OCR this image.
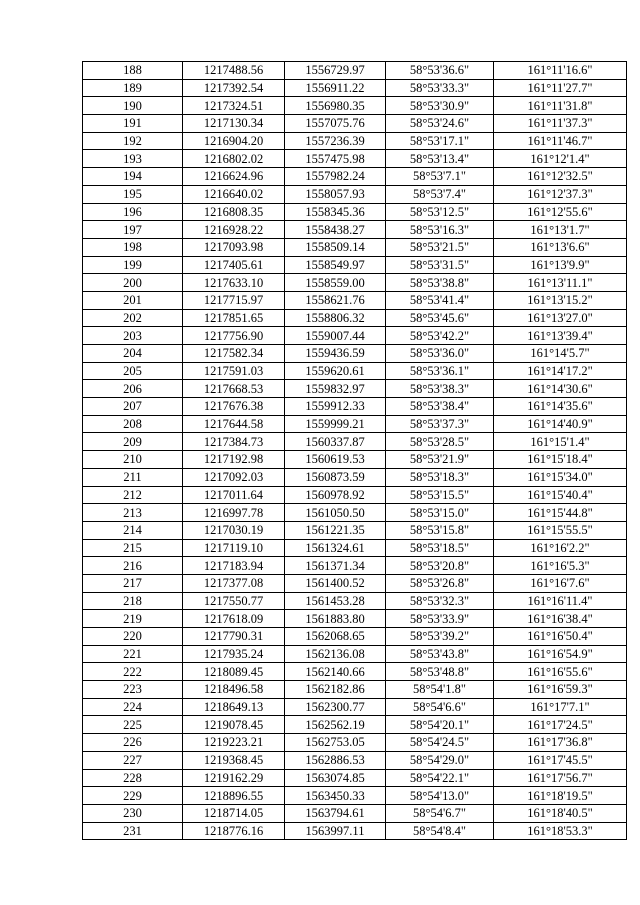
188	1217488.56	1556729.97	58°53'36.6"	161°11'16.6"
189	1217392.54	1556911.22	58°53'33.3"	161°11'27.7"
190	1217324.51	1556980.35	58°53'30.9"	161°11'31.8"
191	1217130.34	1557075.76	58°53'24.6"	161°11'37.3"
192	1216904.20	1557236.39	58°53'17.1"	161°11'46.7"
193	1216802.02	1557475.98	58°53'13.4"	161°12'1.4"
194	1216624.96	1557982.24	58°53'7.1"	161°12'32.5"
195	1216640.02	1558057.93	58°53'7.4"	161°12'37.3"
196	1216808.35	1558345.36	58°53'12.5"	161°12'55.6"
197	1216928.22	1558438.27	58°53'16.3"	161°13'1.7"
198	1217093.98	1558509.14	58°53'21.5"	161°13'6.6"
199	1217405.61	1558549.97	58°53'31.5"	161°13'9.9"
200	1217633.10	1558559.00	58°53'38.8"	161°13'11.1"
201	1217715.97	1558621.76	58°53'41.4"	161°13'15.2"
202	1217851.65	1558806.32	58°53'45.6"	161°13'27.0"
203	1217756.90	1559007.44	58°53'42.2"	161°13'39.4"
204	1217582.34	1559436.59	58°53'36.0"	161°14'5.7"
205	1217591.03	1559620.61	58°53'36.1"	161°14'17.2"
206	1217668.53	1559832.97	58°53'38.3"	161°14'30.6"
207	1217676.38	1559912.33	58°53'38.4"	161°14'35.6"
208	1217644.58	1559999.21	58°53'37.3"	161°14'40.9"
209	1217384.73	1560337.87	58°53'28.5"	161°15'1.4"
210	1217192.98	1560619.53	58°53'21.9"	161°15'18.4"
211	1217092.03	1560873.59	58°53'18.3"	161°15'34.0"
212	1217011.64	1560978.92	58°53'15.5"	161°15'40.4"
213	1216997.78	1561050.50	58°53'15.0"	161°15'44.8"
214	1217030.19	1561221.35	58°53'15.8"	161°15'55.5"
215	1217119.10	1561324.61	58°53'18.5"	161°16'2.2"
216	1217183.94	1561371.34	58°53'20.8"	161°16'5.3"
217	1217377.08	1561400.52	58°53'26.8"	161°16'7.6"
218	1217550.77	1561453.28	58°53'32.3"	161°16'11.4"
219	1217618.09	1561883.80	58°53'33.9"	161°16'38.4"
220	1217790.31	1562068.65	58°53'39.2"	161°16'50.4"
221	1217935.24	1562136.08	58°53'43.8"	161°16'54.9"
222	1218089.45	1562140.66	58°53'48.8"	161°16'55.6"
223	1218496.58	1562182.86	58°54'1.8"	161°16'59.3"
224	1218649.13	1562300.77	58°54'6.6"	161°17'7.1"
225	1219078.45	1562562.19	58°54'20.1"	161°17'24.5"
226	1219223.21	1562753.05	58°54'24.5"	161°17'36.8"
227	1219368.45	1562886.53	58°54'29.0"	161°17'45.5"
228	1219162.29	1563074.85	58°54'22.1"	161°17'56.7"
229	1218896.55	1563450.33	58°54'13.0"	161°18'19.5"
230	1218714.05	1563794.61	58°54'6.7"	161°18'40.5"
231	1218776.16	1563997.11	58°54'8.4"	161°18'53.3"
